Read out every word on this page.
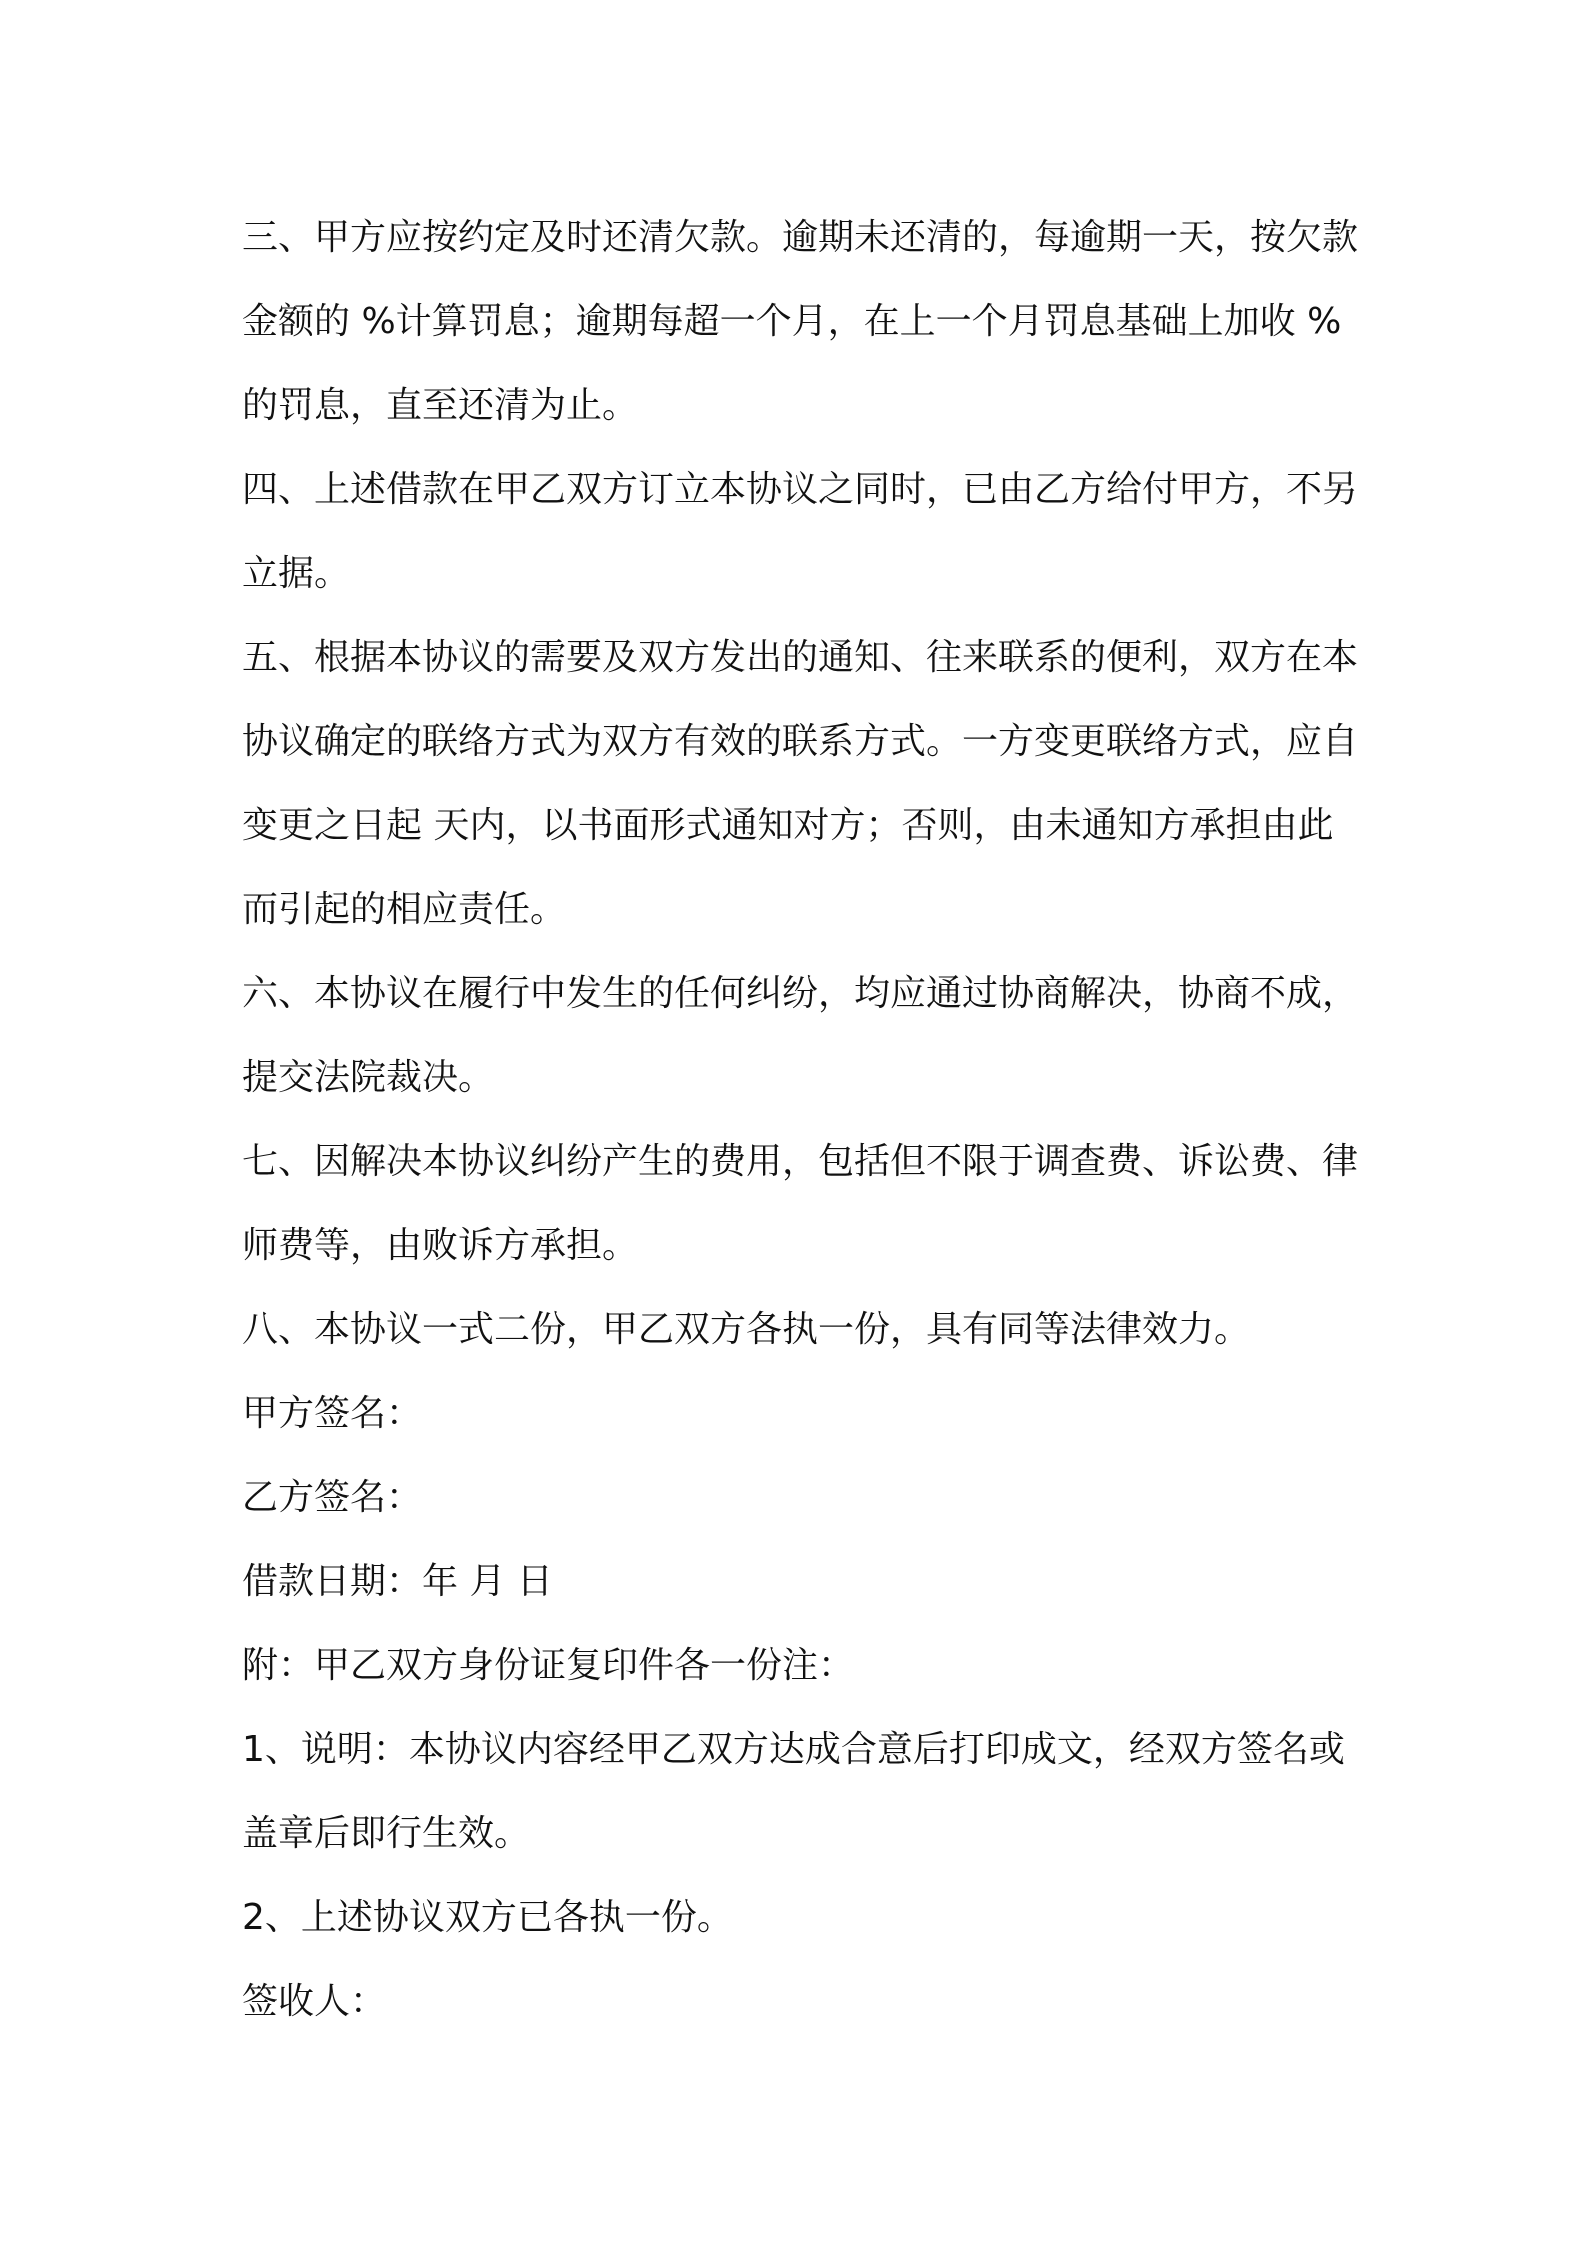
三、甲方应按约定及时还清欠款。逾期未还清的，每逾期一天，按欠款金额的 %计算罚息；逾期每超一个月，在上一个月罚息基础上加收 %的罚息，直至还清为止。

四、上述借款在甲乙双方订立本协议之同时，已由乙方给付甲方，不另立据。

五、根据本协议的需要及双方发出的通知、往来联系的便利，双方在本协议确定的联络方式为双方有效的联系方式。一方变更联络方式，应自变更之日起 天内，以书面形式通知对方；否则，由未通知方承担由此而引起的相应责任。

六、本协议在履行中发生的任何纠纷，均应通过协商解决，协商不成，提交法院裁决。

七、因解决本协议纠纷产生的费用，包括但不限于调查费、诉讼费、律师费等，由败诉方承担。

八、本协议一式二份，甲乙双方各执一份，具有同等法律效力。

甲方签名：

乙方签名：

借款日期：年 月 日

附：甲乙双方身份证复印件各一份注：

1、说明：本协议内容经甲乙双方达成合意后打印成文，经双方签名或盖章后即行生效。

2、上述协议双方已各执一份。

签收人：
